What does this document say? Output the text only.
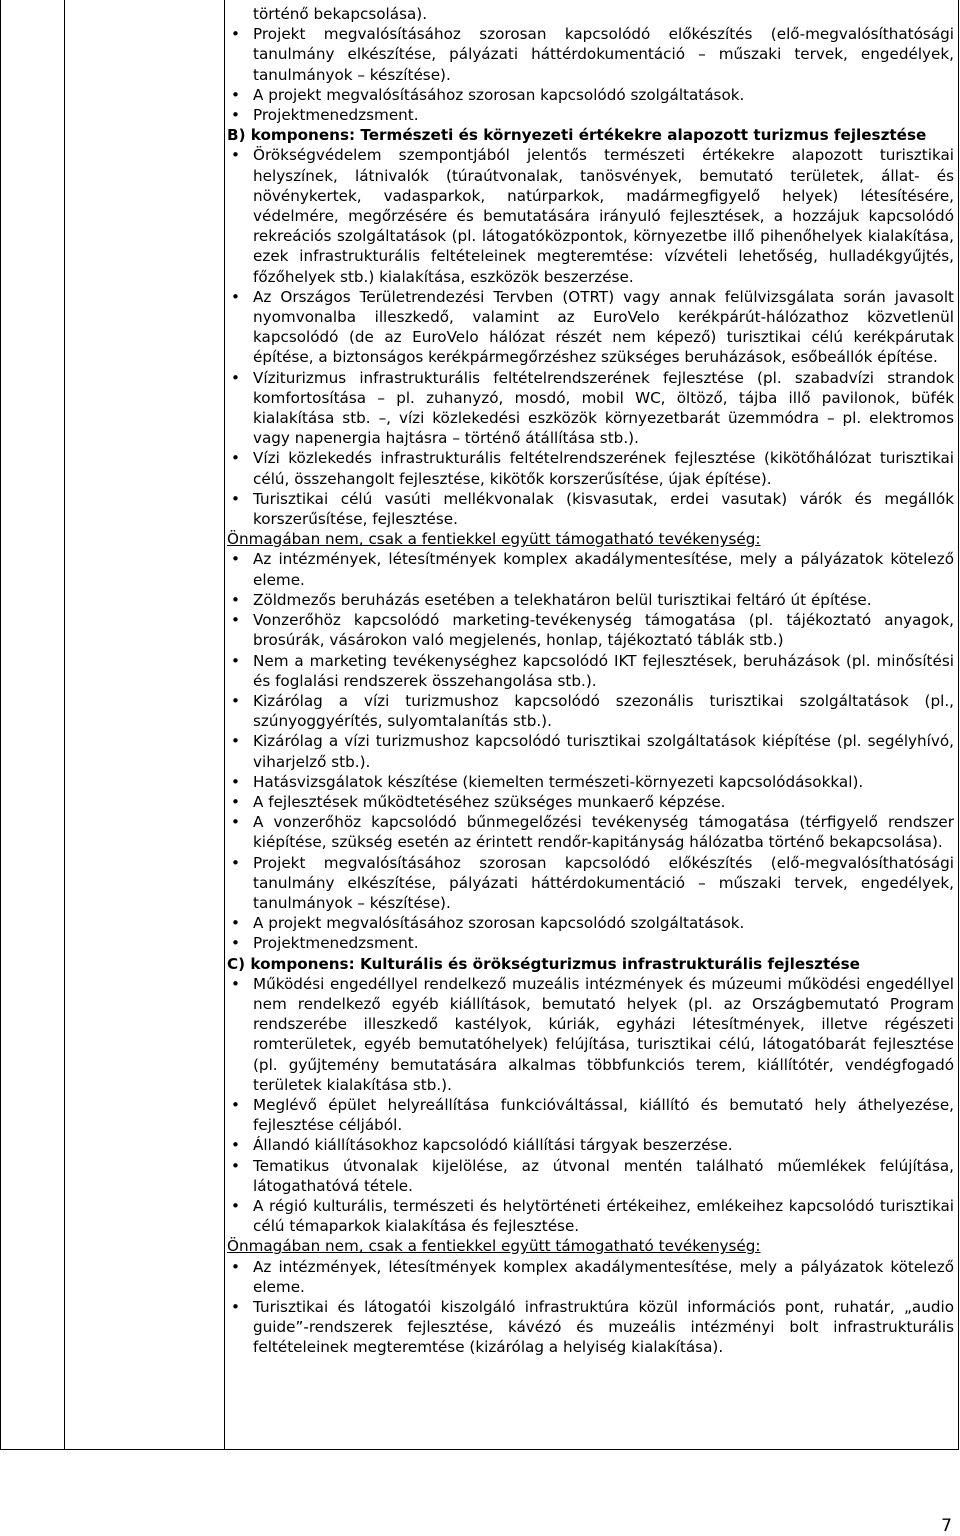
történő bekapcsolása).
• Projekt megvalósításához szorosan kapcsolódó előkészítés (elő-megvalósíthatósági tanulmány elkészítése, pályázati háttérdokumentáció – műszaki tervek, engedélyek, tanulmányok – készítése).
• A projekt megvalósításához szorosan kapcsolódó szolgáltatások.
• Projektmenedzsment.

B) komponens: Természeti és környezeti értékekre alapozott turizmus fejlesztése

• Örökségvédelem szempontjából jelentős természeti értékekre alapozott turisztikai helyszínek, látnivalók (túraútvonalak, tanösvények, bemutató területek, állat- és növénykertek, vadasparkok, natúrparkok, madármegfigyelő helyek) létesítésére, védelmére, megőrzésére és bemutatására irányuló fejlesztések, a hozzájuk kapcsolódó rekreációs szolgáltatások (pl. látogatóközpontok, környezetbe illő pihenőhelyek kialakítása, ezek infrastrukturális feltételeinek megteremtése: vízvételi lehetőség, hulladékgyűjtés, főzőhelyek stb.) kialakítása, eszközök beszerzése.
• Az Országos Területrendezési Tervben (OTRT) vagy annak felülvizsgálata során javasolt nyomvonalba illeszkedő, valamint az EuroVelo kerékpárút-hálózathoz közvetlenül kapcsolódó (de az EuroVelo hálózat részét nem képező) turisztikai célú kerékpárutak építése, a biztonságos kerékpármegőrzéshez szükséges beruházások, esőbeállók építése.
• Víziturizmus infrastrukturális feltételrendszerének fejlesztése (pl. szabadvízi strandok komfortosítása – pl. zuhanyzó, mosdó, mobil WC, öltöző, tájba illő pavilonok, büfék kialakítása stb. –, vízi közlekedési eszközök környezetbarát üzemmódra – pl. elektromos vagy napenergia hajtásra – történő átállítása stb.).
• Vízi közlekedés infrastrukturális feltételrendszerének fejlesztése (kikötőhálózat turisztikai célú, összehangolt fejlesztése, kikötők korszerűsítése, újak építése).
• Turisztikai célú vasúti mellékvonalak (kisvasutak, erdei vasutak) várók és megállók korszerűsítése, fejlesztése.

Önmagában nem, csak a fentiekkel együtt támogatható tevékenység:

• Az intézmények, létesítmények komplex akadálymentesítése, mely a pályázatok kötelező eleme.
• Zöldmezős beruházás esetében a telekhatáron belül turisztikai feltáró út építése.
• Vonzerőhöz kapcsolódó marketing-tevékenység támogatása (pl. tájékoztató anyagok, brosúrák, vásárokon való megjelenés, honlap, tájékoztató táblák stb.)
• Nem a marketing tevékenységhez kapcsolódó IKT fejlesztések, beruházások (pl. minősítési és foglalási rendszerek összehangolása stb.).
• Kizárólag a vízi turizmushoz kapcsolódó szezonális turisztikai szolgáltatások (pl., szúnyoggyérítés, sulyomtalanítás stb.).
• Kizárólag a vízi turizmushoz kapcsolódó turisztikai szolgáltatások kiépítése (pl. segélyhívó, viharjelző stb.).
• Hatásvizsgálatok készítése (kiemelten természeti-környezeti kapcsolódásokkal).
• A fejlesztések működtetéséhez szükséges munkaerő képzése.
• A vonzerőhöz kapcsolódó bűnmegelőzési tevékenység támogatása (térfigyelő rendszer kiépítése, szükség esetén az érintett rendőr-kapitányság hálózatba történő bekapcsolása).
• Projekt megvalósításához szorosan kapcsolódó előkészítés (elő-megvalósíthatósági tanulmány elkészítése, pályázati háttérdokumentáció – műszaki tervek, engedélyek, tanulmányok – készítése).
• A projekt megvalósításához szorosan kapcsolódó szolgáltatások.
• Projektmenedzsment.

C) komponens: Kulturális és örökségturizmus infrastrukturális fejlesztése

• Működési engedéllyel rendelkező muzeális intézmények és múzeumi működési engedéllyel nem rendelkező egyéb kiállítások, bemutató helyek (pl. az Országbemutató Program rendszerébe illeszkedő kastélyok, kúriák, egyházi létesítmények, illetve régészeti romterületek, egyéb bemutatóhelyek) felújítása, turisztikai célú, látogatóbarát fejlesztése (pl. gyűjtemény bemutatására alkalmas többfunkciós terem, kiállítótér, vendégfogadó területek kialakítása stb.).
• Meglévő épület helyreállítása funkcióváltással, kiállító és bemutató hely áthelyezése, fejlesztése céljából.
• Állandó kiállításokhoz kapcsolódó kiállítási tárgyak beszerzése.
• Tematikus útvonalak kijelölése, az útvonal mentén található műemlékek felújítása, látogathatóvá tétele.
• A régió kulturális, természeti és helytörténeti értékeihez, emlékeihez kapcsolódó turisztikai célú témaparkok kialakítása és fejlesztése.

Önmagában nem, csak a fentiekkel együtt támogatható tevékenység:

• Az intézmények, létesítmények komplex akadálymentesítése, mely a pályázatok kötelező eleme.
• Turisztikai és látogatói kiszolgáló infrastruktúra közül információs pont, ruhatár, „audio guide”-rendszerek fejlesztése, kávézó és muzeális intézményi bolt infrastrukturális feltételeinek megteremtése (kizárólag a helyiség kialakítása).
7
